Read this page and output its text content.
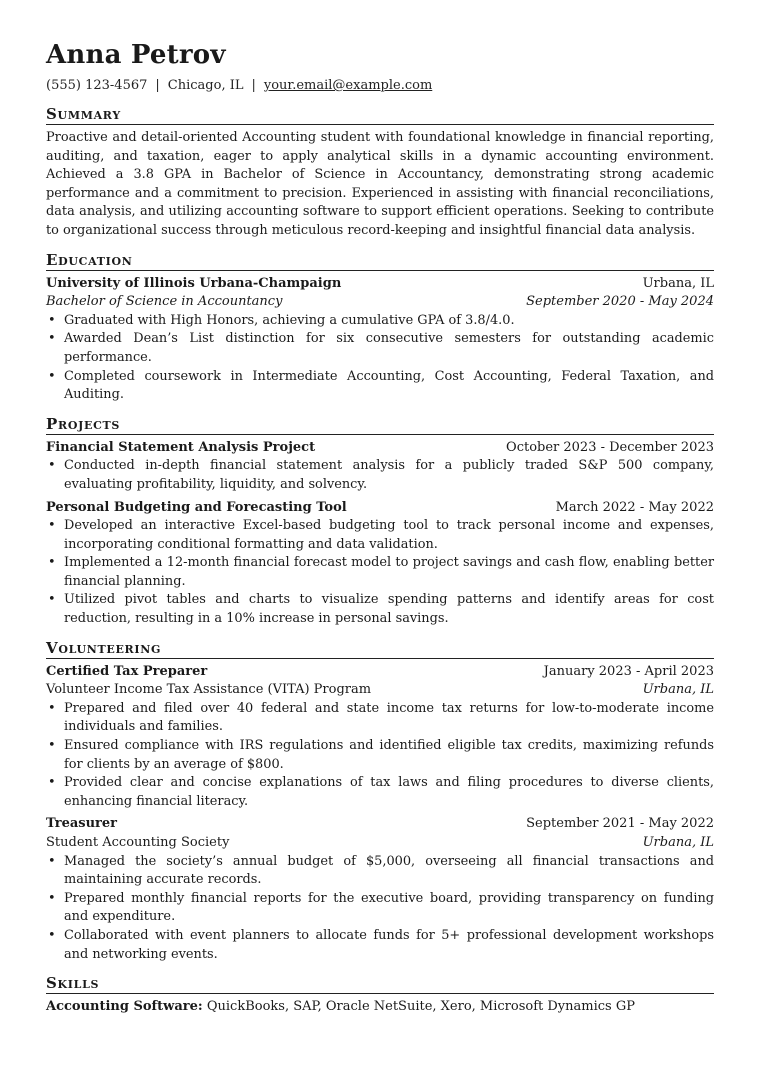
Anna Petrov
(555) 123-4567 | Chicago, IL | your.email@example.com
Summary

Proactive and detail-oriented Accounting student with foundational knowledge in financial reporting, auditing, and taxation, eager to apply analytical skills in a dynamic accounting environment. Achieved a 3.8 GPA in Bachelor of Science in Accountancy, demonstrating strong academic performance and a commitment to precision. Experienced in assisting with financial reconciliations, data analysis, and utilizing accounting software to support efficient operations. Seeking to contribute to organizational success through meticulous record-keeping and insightful financial data analysis.

Education
University of Illinois Urbana-Champaign	Urbana, IL
Bachelor of Science in Accountancy	September 2020 - May 2024
• Graduated with High Honors, achieving a cumulative GPA of 3.8/4.0.
• Awarded Dean’s List distinction for six consecutive semesters for outstanding academic performance.
• Completed coursework in Intermediate Accounting, Cost Accounting, Federal Taxation, and Auditing.
Projects
Financial Statement Analysis Project	October 2023 - December 2023
• Conducted in-depth financial statement analysis for a publicly traded S&P 500 company, evaluating profitability, liquidity, and solvency.
Personal Budgeting and Forecasting Tool	March 2022 - May 2022
• Developed an interactive Excel-based budgeting tool to track personal income and expenses, incorporating conditional formatting and data validation.
• Implemented a 12-month financial forecast model to project savings and cash flow, enabling better financial planning.
• Utilized pivot tables and charts to visualize spending patterns and identify areas for cost reduction, resulting in a 10% increase in personal savings.
Volunteering
Certified Tax Preparer	January 2023 - April 2023
Volunteer Income Tax Assistance (VITA) Program	Urbana, IL
• Prepared and filed over 40 federal and state income tax returns for low-to-moderate income individuals and families.
• Ensured compliance with IRS regulations and identified eligible tax credits, maximizing refunds for clients by an average of $800.
• Provided clear and concise explanations of tax laws and filing procedures to diverse clients, enhancing financial literacy.
Treasurer	September 2021 - May 2022
Student Accounting Society	Urbana, IL
• Managed the society’s annual budget of $5,000, overseeing all financial transactions and maintaining accurate records.
• Prepared monthly financial reports for the executive board, providing transparency on funding and expenditure.
• Collaborated with event planners to allocate funds for 5+ professional development workshops and networking events.
Skills
Accounting Software: QuickBooks, SAP, Oracle NetSuite, Xero, Microsoft Dynamics GP
